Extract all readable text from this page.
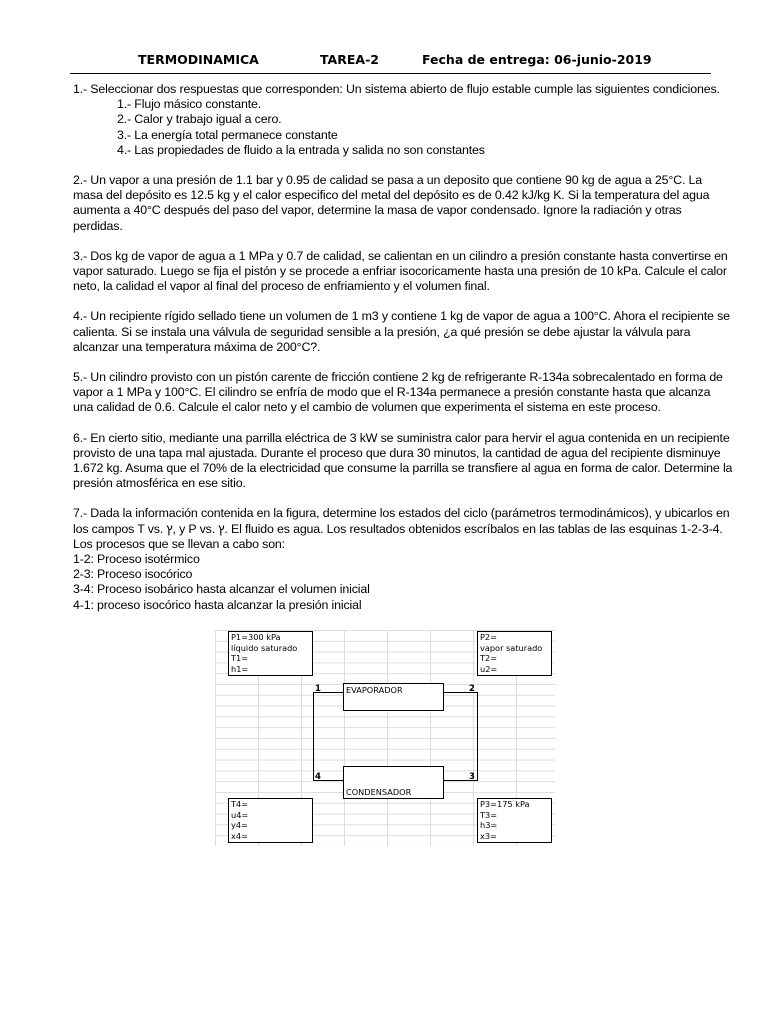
TERMODINAMICA	TAREA-2	Fecha de entrega: 06-junio-2019
1.- Seleccionar dos respuestas que corresponden: Un sistema abierto de flujo estable cumple las siguientes condiciones.
1.- Flujo másico constante.
2.- Calor y trabajo igual a cero.
3.- La energía total permanece constante
4.- Las propiedades de fluido a la entrada y salida no son constantes
2.- Un vapor a una presión de 1.1 bar y 0.95 de calidad se pasa a un deposito que contiene 90 kg de agua a 25°C. La
masa del depósito es 12.5 kg y el calor especifico del metal del depósito es de 0.42 kJ/kg K. Si la temperatura del agua
aumenta a 40°C después del paso del vapor, determine la masa de vapor condensado. Ignore la radiación y otras
perdidas.
3.- Dos kg de vapor de agua a 1 MPa y 0.7 de calidad, se calientan en un cilindro a presión constante hasta convertirse en
vapor saturado. Luego se fija el pistón y se procede a enfriar isocoricamente hasta una presión de 10 kPa. Calcule el calor
neto, la calidad el vapor al final del proceso de enfriamiento y el volumen final.
4.- Un recipiente rígido sellado tiene un volumen de 1 m3 y contiene 1 kg de vapor de agua a 100°C. Ahora el recipiente se
calienta. Si se instala una válvula de seguridad sensible a la presión, ¿a qué presión se debe ajustar la válvula para
alcanzar una temperatura máxima de 200°C?.
5.- Un cilindro provisto con un pistón carente de fricción contiene 2 kg de refrigerante R-134a sobrecalentado en forma de
vapor a 1 MPa y 100°C. El cilindro se enfría de modo que el R-134a permanece a presión constante hasta que alcanza
una calidad de 0.6. Calcule el calor neto y el cambio de volumen que experimenta el sistema en este proceso.
6.- En cierto sitio, mediante una parrilla eléctrica de 3 kW se suministra calor para hervir el agua contenida en un recipiente
provisto de una tapa mal ajustada. Durante el proceso que dura 30 minutos, la cantidad de agua del recipiente disminuye
1.672 kg. Asuma que el 70% de la electricidad que consume la parrilla se transfiere al agua en forma de calor. Determine la
presión atmosférica en ese sitio.
7.- Dada la información contenida en la figura, determine los estados del ciclo (parámetros termodinámicos), y ubicarlos en
los campos T vs. ץ, y P vs. ץ. El fluido es agua. Los resultados obtenidos escríbalos en las tablas de las esquinas 1-2-3-4.
Los procesos que se llevan a cabo son:
1-2: Proceso isotérmico
2-3: Proceso isocórico
3-4: Proceso isobárico hasta alcanzar el volumen inicial
4-1: proceso isocórico hasta alcanzar la presión inicial
P1=300 kPa
líquido saturado
T1=
h1=
P2=
vapor saturado
T2=
u2=
T4=
u4=
y4=
x4=
P3=175 kPa
T3=
h3=
x3=
EVAPORADOR
CONDENSADOR
1	2
3
4
